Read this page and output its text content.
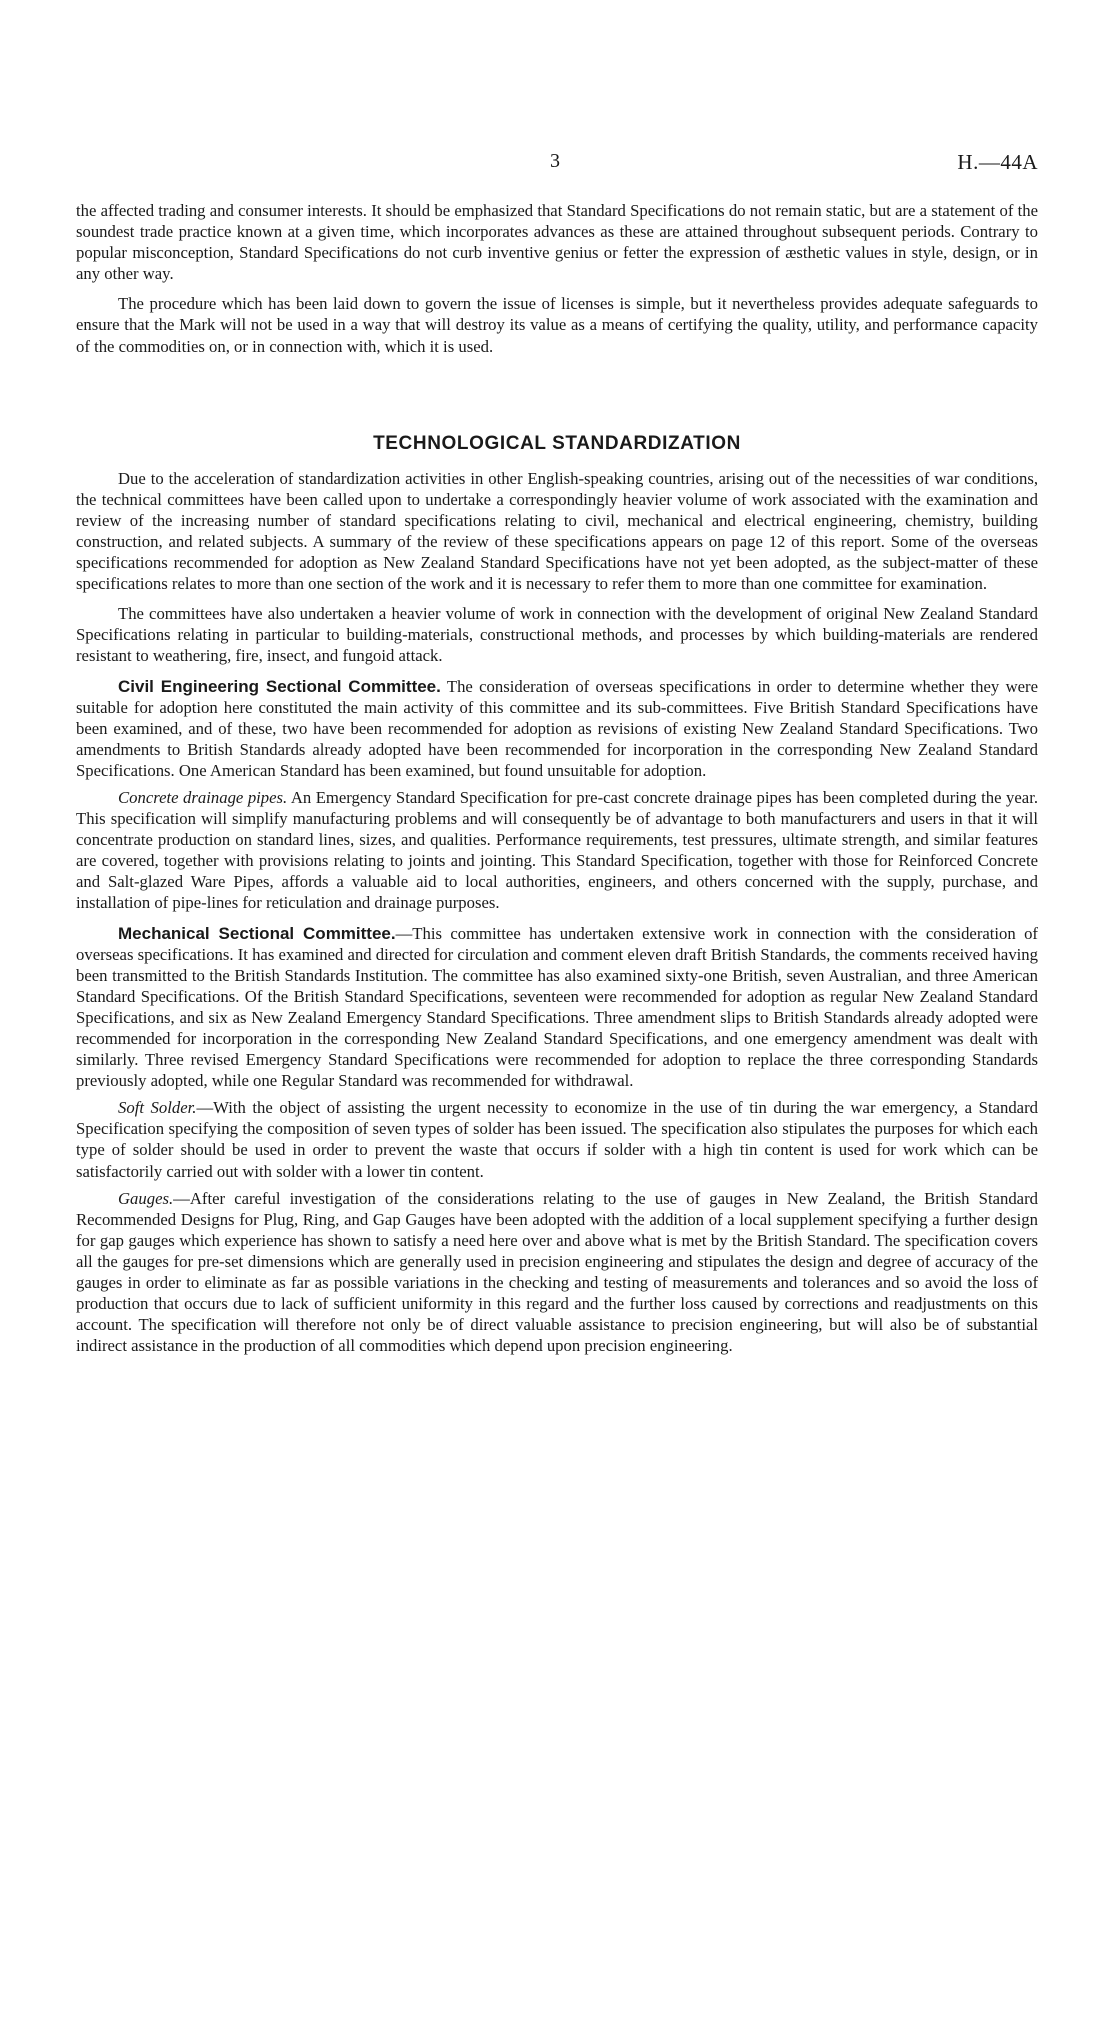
3	H.—44A

the affected trading and consumer interests. It should be emphasized that Standard Specifications do not remain static, but are a statement of the soundest trade practice known at a given time, which incorporates advances as these are attained throughout subsequent periods. Contrary to popular misconception, Standard Specifications do not curb inventive genius or fetter the expression of æsthetic values in style, design, or in any other way.

The procedure which has been laid down to govern the issue of licenses is simple, but it nevertheless provides adequate safeguards to ensure that the Mark will not be used in a way that will destroy its value as a means of certifying the quality, utility, and performance capacity of the commodities on, or in connection with, which it is used.

TECHNOLOGICAL STANDARDIZATION

Due to the acceleration of standardization activities in other English-speaking countries, arising out of the necessities of war conditions, the technical committees have been called upon to undertake a correspondingly heavier volume of work associated with the examination and review of the increasing number of standard specifications relating to civil, mechanical and electrical engineering, chemistry, building construction, and related subjects. A summary of the review of these specifications appears on page 12 of this report. Some of the overseas specifications recommended for adoption as New Zealand Standard Specifications have not yet been adopted, as the subject-matter of these specifications relates to more than one section of the work and it is necessary to refer them to more than one committee for examination.

The committees have also undertaken a heavier volume of work in connection with the development of original New Zealand Standard Specifications relating in particular to building-materials, constructional methods, and processes by which building-materials are rendered resistant to weathering, fire, insect, and fungoid attack.

Civil Engineering Sectional Committee. The consideration of overseas specifications in order to determine whether they were suitable for adoption here constituted the main activity of this committee and its sub-committees. Five British Standard Specifications have been examined, and of these, two have been recommended for adoption as revisions of existing New Zealand Standard Specifications. Two amendments to British Standards already adopted have been recommended for incorporation in the corresponding New Zealand Standard Specifications. One American Standard has been examined, but found unsuitable for adoption.

Concrete drainage pipes. An Emergency Standard Specification for pre-cast concrete drainage pipes has been completed during the year. This specification will simplify manufacturing problems and will consequently be of advantage to both manufacturers and users in that it will concentrate production on standard lines, sizes, and qualities. Performance requirements, test pressures, ultimate strength, and similar features are covered, together with provisions relating to joints and jointing. This Standard Specification, together with those for Reinforced Concrete and Salt-glazed Ware Pipes, affords a valuable aid to local authorities, engineers, and others concerned with the supply, purchase, and installation of pipe-lines for reticulation and drainage purposes.

Mechanical Sectional Committee.—This committee has undertaken extensive work in connection with the consideration of overseas specifications. It has examined and directed for circulation and comment eleven draft British Standards, the comments received having been transmitted to the British Standards Institution. The committee has also examined sixty-one British, seven Australian, and three American Standard Specifications. Of the British Standard Specifications, seventeen were recommended for adoption as regular New Zealand Standard Specifications, and six as New Zealand Emergency Standard Specifications. Three amendment slips to British Standards already adopted were recommended for incorporation in the corresponding New Zealand Standard Specifications, and one emergency amendment was dealt with similarly. Three revised Emergency Standard Specifications were recommended for adoption to replace the three corresponding Standards previously adopted, while one Regular Standard was recommended for withdrawal.

Soft Solder.—With the object of assisting the urgent necessity to economize in the use of tin during the war emergency, a Standard Specification specifying the composition of seven types of solder has been issued. The specification also stipulates the purposes for which each type of solder should be used in order to prevent the waste that occurs if solder with a high tin content is used for work which can be satisfactorily carried out with solder with a lower tin content.

Gauges.—After careful investigation of the considerations relating to the use of gauges in New Zealand, the British Standard Recommended Designs for Plug, Ring, and Gap Gauges have been adopted with the addition of a local supplement specifying a further design for gap gauges which experience has shown to satisfy a need here over and above what is met by the British Standard. The specification covers all the gauges for pre-set dimensions which are generally used in precision engineering and stipulates the design and degree of accuracy of the gauges in order to eliminate as far as possible variations in the checking and testing of measurements and tolerances and so avoid the loss of production that occurs due to lack of sufficient uniformity in this regard and the further loss caused by corrections and readjustments on this account. The specification will therefore not only be of direct valuable assistance to precision engineering, but will also be of substantial indirect assistance in the production of all commodities which depend upon precision engineering.
